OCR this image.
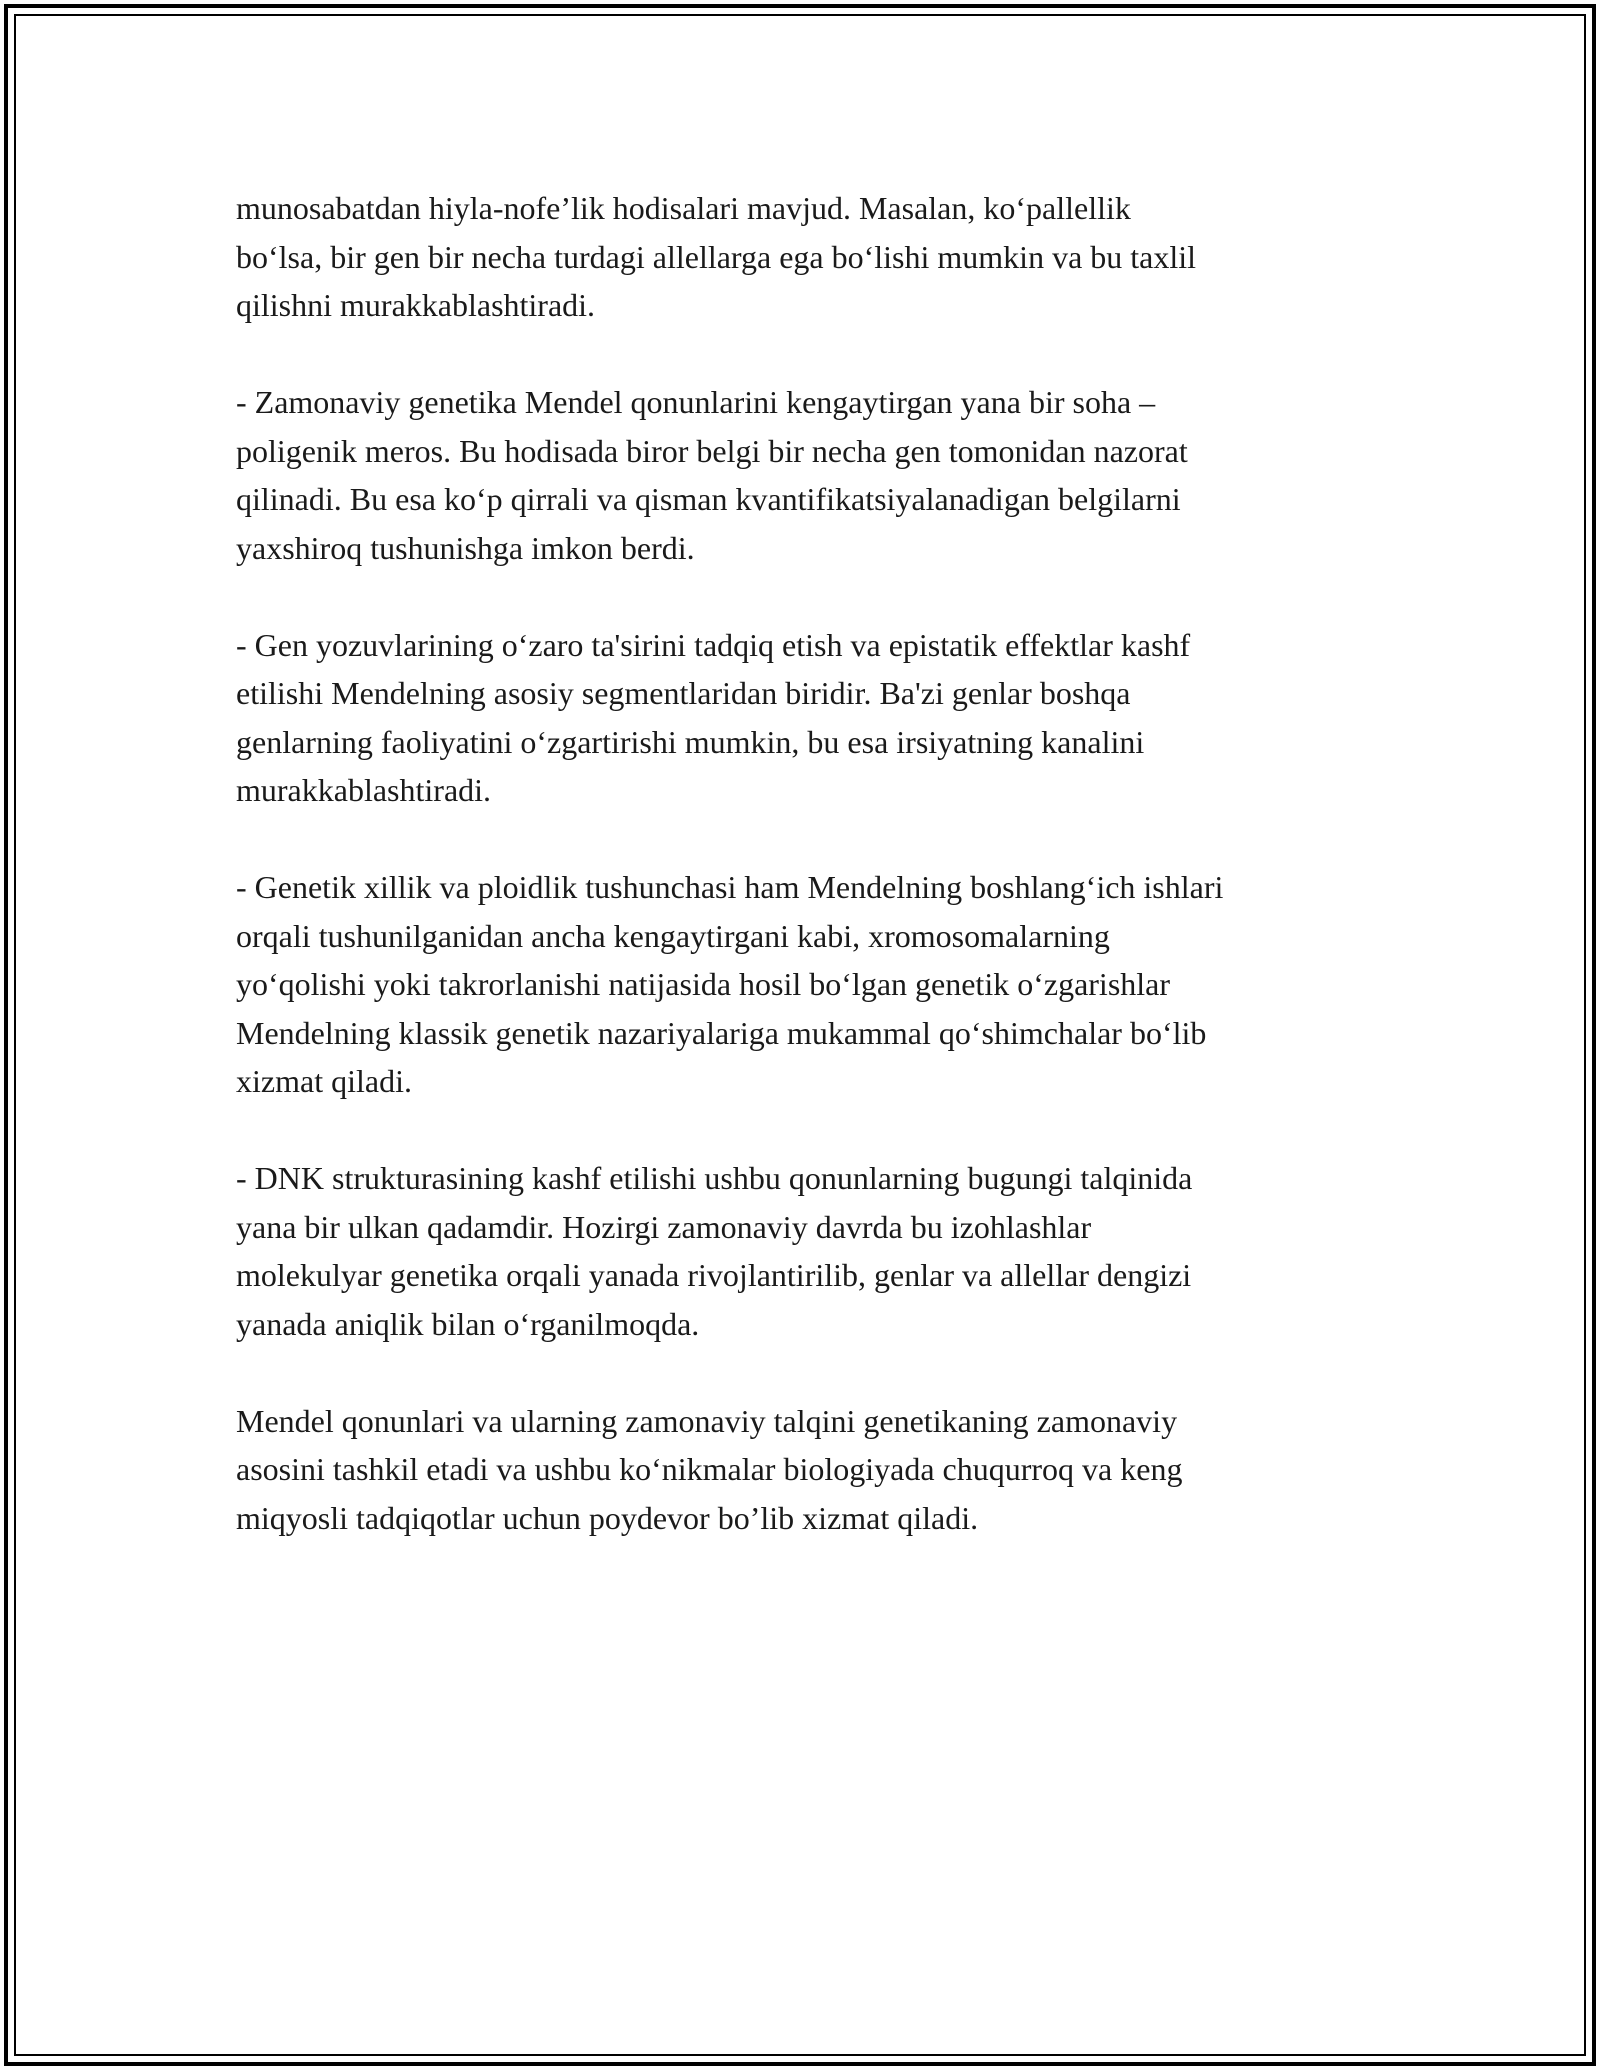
munosabatdan hiyla-nofe’lik hodisalari mavjud. Masalan, ko‘pallellik
bo‘lsa, bir gen bir necha turdagi allellarga ega bo‘lishi mumkin va bu taxlil
qilishni murakkablashtiradi.

- Zamonaviy genetika Mendel qonunlarini kengaytirgan yana bir soha –
poligenik meros. Bu hodisada biror belgi bir necha gen tomonidan nazorat
qilinadi. Bu esa ko‘p qirrali va qisman kvantifikatsiyalanadigan belgilarni
yaxshiroq tushunishga imkon berdi.

- Gen yozuvlarining o‘zaro ta'sirini tadqiq etish va epistatik effektlar kashf
etilishi Mendelning asosiy segmentlaridan biridir. Ba'zi genlar boshqa
genlarning faoliyatini o‘zgartirishi mumkin, bu esa irsiyatning kanalini
murakkablashtiradi.

- Genetik xillik va ploidlik tushunchasi ham Mendelning boshlang‘ich ishlari
orqali tushunilganidan ancha kengaytirgani kabi, xromosomalarning
yo‘qolishi yoki takrorlanishi natijasida hosil bo‘lgan genetik o‘zgarishlar
Mendelning klassik genetik nazariyalariga mukammal qo‘shimchalar bo‘lib
xizmat qiladi.

- DNK strukturasining kashf etilishi ushbu qonunlarning bugungi talqinida
yana bir ulkan qadamdir. Hozirgi zamonaviy davrda bu izohlashlar
molekulyar genetika orqali yanada rivojlantirilib, genlar va allellar dengizi
yanada aniqlik bilan o‘rganilmoqda.

Mendel qonunlari va ularning zamonaviy talqini genetikaning zamonaviy
asosini tashkil etadi va ushbu ko‘nikmalar biologiyada chuqurroq va keng
miqyosli tadqiqotlar uchun poydevor bo’lib xizmat qiladi.
